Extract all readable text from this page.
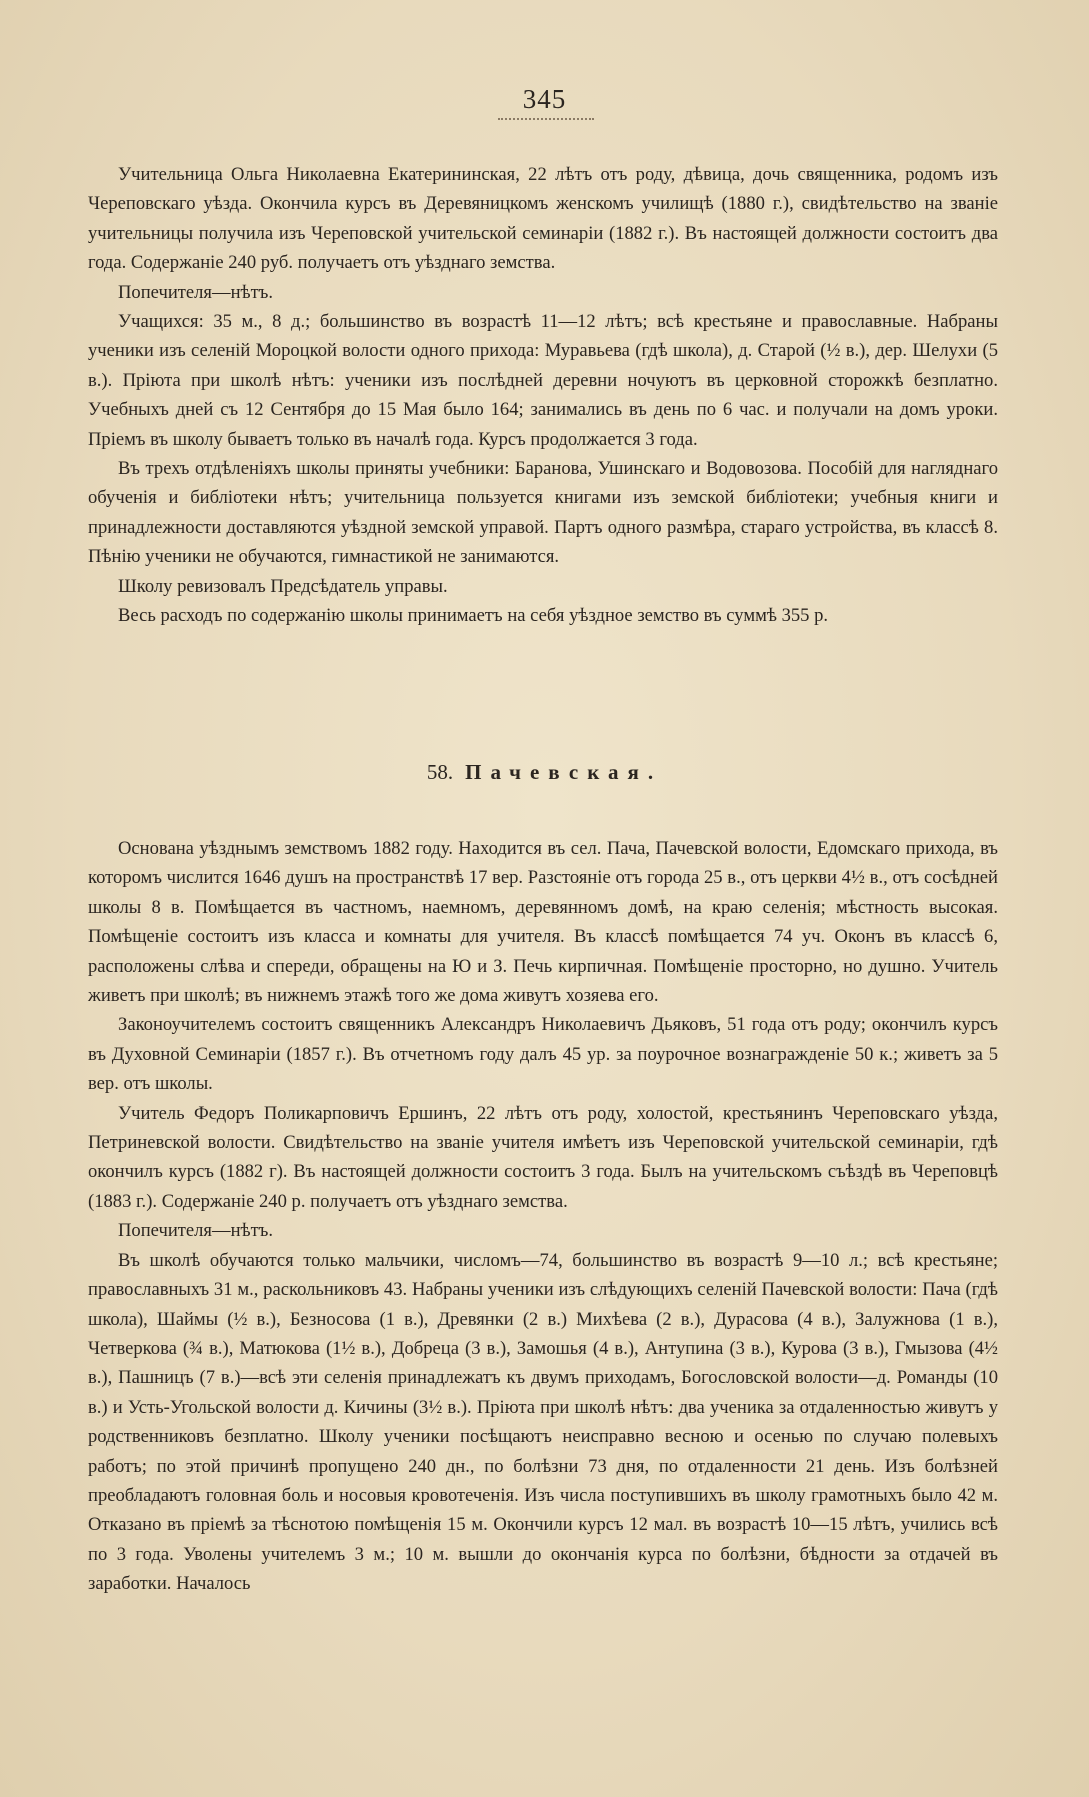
345

Учительница Ольга Николаевна Екатерининская, 22 лѣтъ отъ роду, дѣвица, дочь священника, родомъ изъ Череповскаго уѣзда. Окончила курсъ въ Деревяницкомъ женскомъ училищѣ (1880 г.), свидѣтельство на званіе учительницы получила изъ Череповской учительской семинаріи (1882 г.). Въ настоящей должности состоитъ два года. Содержаніе 240 руб. получаетъ отъ уѣзднаго земства.

Попечителя—нѣтъ.

Учащихся: 35 м., 8 д.; большинство въ возрастѣ 11—12 лѣтъ; всѣ крестьяне и православные. Набраны ученики изъ селеній Мороцкой волости одного прихода: Муравьева (гдѣ школа), д. Старой (½ в.), дер. Шелухи (5 в.). Пріюта при школѣ нѣтъ: ученики изъ послѣдней деревни ночуютъ въ церковной сторожкѣ безплатно. Учебныхъ дней съ 12 Сентября до 15 Мая было 164; занимались въ день по 6 час. и получали на домъ уроки. Пріемъ въ школу бываетъ только въ началѣ года. Курсъ продолжается 3 года.

Въ трехъ отдѣленіяхъ школы приняты учебники: Баранова, Ушинскаго и Водовозова. Пособій для нагляднаго обученія и библіотеки нѣтъ; учительница пользуется книгами изъ земской библіотеки; учебныя книги и принадлежности доставляются уѣздной земской управой. Партъ одного размѣра, стараго устройства, въ классѣ 8. Пѣнію ученики не обучаются, гимнастикой не занимаются.

Школу ревизовалъ Предсѣдатель управы.

Весь расходъ по содержанію школы принимаетъ на себя уѣздное земство въ суммѣ 355 р.

58. Пачевская.

Основана уѣзднымъ земствомъ 1882 году. Находится въ сел. Пача, Пачевской волости, Едомскаго прихода, въ которомъ числится 1646 душъ на пространствѣ 17 вер. Разстояніе отъ города 25 в., отъ церкви 4½ в., отъ сосѣдней школы 8 в. Помѣщается въ частномъ, наемномъ, деревянномъ домѣ, на краю селенія; мѣстность высокая. Помѣщеніе состоитъ изъ класса и комнаты для учителя. Въ классѣ помѣщается 74 уч. Оконъ въ классѣ 6, расположены слѣва и спереди, обращены на Ю и З. Печь кирпичная. Помѣщеніе просторно, но душно. Учитель живетъ при школѣ; въ нижнемъ этажѣ того же дома живутъ хозяева его.

Законоучителемъ состоитъ священникъ Александръ Николаевичъ Дьяковъ, 51 года отъ роду; окончилъ курсъ въ Духовной Семинаріи (1857 г.). Въ отчетномъ году далъ 45 ур. за поурочное вознагражденіе 50 к.; живетъ за 5 вер. отъ школы.

Учитель Федоръ Поликарповичъ Ершинъ, 22 лѣтъ отъ роду, холостой, крестьянинъ Череповскаго уѣзда, Петриневской волости. Свидѣтельство на званіе учителя имѣетъ изъ Череповской учительской семинаріи, гдѣ окончилъ курсъ (1882 г). Въ настоящей должности состоитъ 3 года. Былъ на учительскомъ съѣздѣ въ Череповцѣ (1883 г.). Содержаніе 240 р. получаетъ отъ уѣзднаго земства.

Попечителя—нѣтъ.

Въ школѣ обучаются только мальчики, числомъ—74, большинство въ возрастѣ 9—10 л.; всѣ крестьяне; православныхъ 31 м., раскольниковъ 43. Набраны ученики изъ слѣдующихъ селеній Пачевской волости: Пача (гдѣ школа), Шаймы (½ в.), Безносова (1 в.), Древянки (2 в.) Михѣева (2 в.), Дурасова (4 в.), Залужнова (1 в.), Четверкова (¾ в.), Матюкова (1½ в.), Добреца (3 в.), Замошья (4 в.), Антупина (3 в.), Курова (3 в.), Гмызова (4½ в.), Пашницъ (7 в.)—всѣ эти селенія принадлежатъ къ двумъ приходамъ, Богословской волости—д. Романды (10 в.) и Усть-Угольской волости д. Кичины (3½ в.). Пріюта при школѣ нѣтъ: два ученика за отдаленностью живутъ у родственниковъ безплатно. Школу ученики посѣщаютъ неисправно весною и осенью по случаю полевыхъ работъ; по этой причинѣ пропущено 240 дн., по болѣзни 73 дня, по отдаленности 21 день. Изъ болѣзней преобладаютъ головная боль и носовыя кровотеченія. Изъ числа поступившихъ въ школу грамотныхъ было 42 м. Отказано въ пріемѣ за тѣснотою помѣщенія 15 м. Окончили курсъ 12 мал. въ возрастѣ 10—15 лѣтъ, учились всѣ по 3 года. Уволены учителемъ 3 м.; 10 м. вышли до окончанія курса по болѣзни, бѣдности за отдачей въ заработки. Началось
